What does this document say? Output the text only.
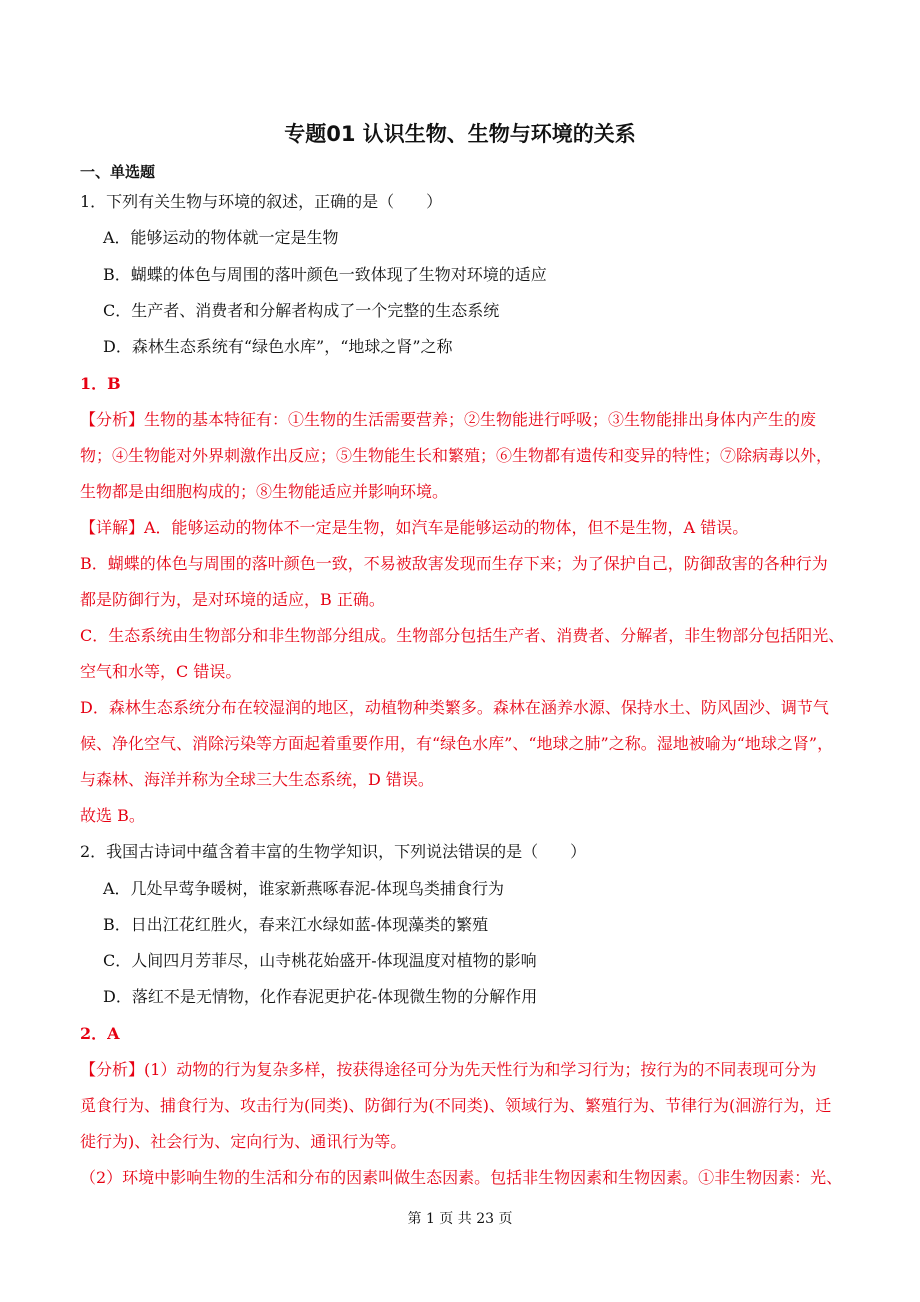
专题01 认识生物、生物与环境的关系
一、单选题
1．下列有关生物与环境的叙述，正确的是（　　）
A．能够运动的物体就一定是生物
B．蝴蝶的体色与周围的落叶颜色一致体现了生物对环境的适应
C．生产者、消费者和分解者构成了一个完整的生态系统
D．森林生态系统有“绿色水库”，“地球之肾”之称
1．B
【分析】生物的基本特征有：①生物的生活需要营养；②生物能进行呼吸；③生物能排出身体内产生的废
物；④生物能对外界刺激作出反应；⑤生物能生长和繁殖；⑥生物都有遗传和变异的特性；⑦除病毒以外，
生物都是由细胞构成的；⑧生物能适应并影响环境。
【详解】A．能够运动的物体不一定是生物，如汽车是能够运动的物体，但不是生物，A 错误。
B．蝴蝶的体色与周围的落叶颜色一致，不易被敌害发现而生存下来；为了保护自己，防御敌害的各种行为
都是防御行为，是对环境的适应，B 正确。
C．生态系统由生物部分和非生物部分组成。生物部分包括生产者、消费者、分解者，非生物部分包括阳光、
空气和水等，C 错误。
D．森林生态系统分布在较湿润的地区，动植物种类繁多。森林在涵养水源、保持水土、防风固沙、调节气
候、净化空气、消除污染等方面起着重要作用，有“绿色水库”、“地球之肺”之称。湿地被喻为“地球之肾”，
与森林、海洋并称为全球三大生态系统，D 错误。
故选 B。
2．我国古诗词中蕴含着丰富的生物学知识，下列说法错误的是（　　）
A．几处早莺争暖树，谁家新燕啄春泥-体现鸟类捕食行为
B．日出江花红胜火，春来江水绿如蓝-体现藻类的繁殖
C．人间四月芳菲尽，山寺桃花始盛开-体现温度对植物的影响
D．落红不是无情物，化作春泥更护花-体现微生物的分解作用
2．A
【分析】(1）动物的行为复杂多样，按获得途径可分为先天性行为和学习行为；按行为的不同表现可分为
觅食行为、捕食行为、攻击行为(同类)、防御行为(不同类)、领域行为、繁殖行为、节律行为(洄游行为，迁
徙行为)、社会行为、定向行为、通讯行为等。
（2）环境中影响生物的生活和分布的因素叫做生态因素。包括非生物因素和生物因素。①非生物因素：光、
第 1 页 共 23 页
